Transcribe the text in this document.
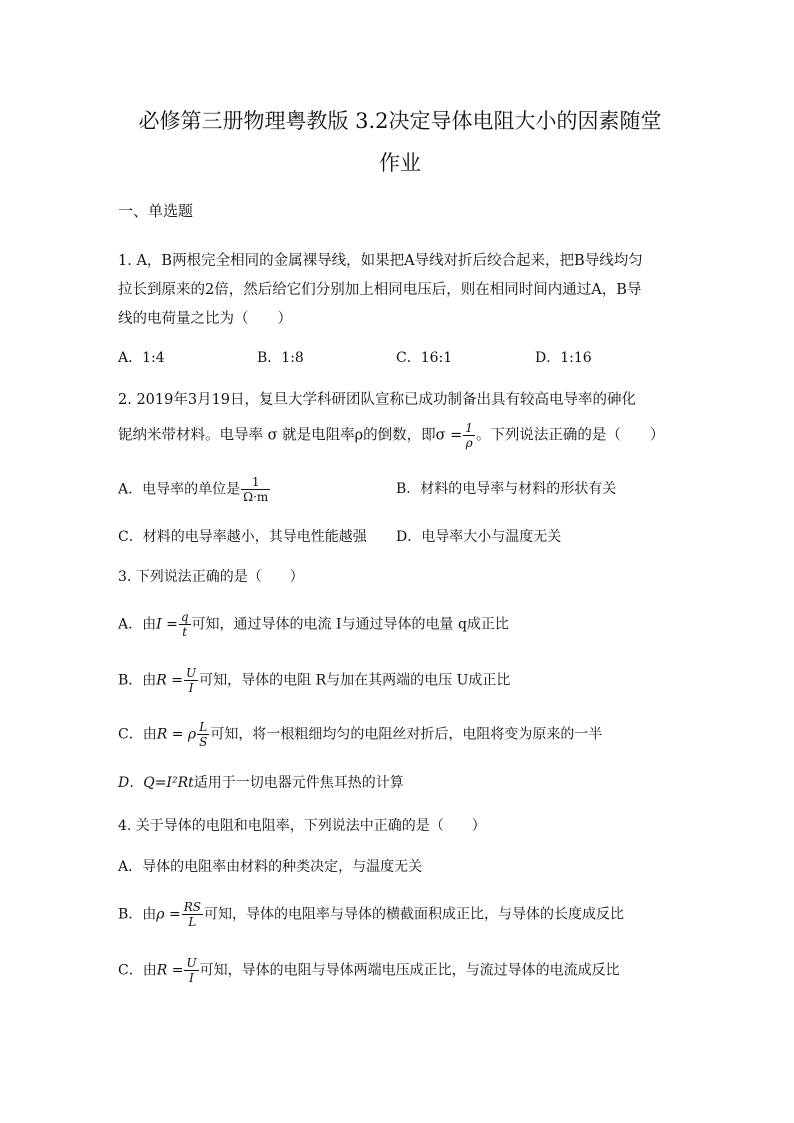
必修第三册物理粤教版 3.2决定导体电阻大小的因素随堂
作业
一、单选题
1. A，B两根完全相同的金属裸导线，如果把A导线对折后绞合起来，把B导线均匀
拉长到原来的2倍，然后给它们分别加上相同电压后，则在相同时间内通过A，B导
线的电荷量之比为（　　）
A．1:4	B．1:8	C．16:1	D．1:16
2. 2019年3月19日，复旦大学科研团队宣称已成功制备出具有较高电导率的砷化
铌纳米带材料。电导率 σ 就是电阻率ρ的倒数，即$\sigma = \frac{1}{\rho}$ 。下列说法正确的是（　　）
A．电导率的单位是 $\frac{1}{\Omega\cdot m}$	B．材料的电导率与材料的形状有关
C．材料的电导率越小，其导电性能越强 D．电导率大小与温度无关
3. 下列说法正确的是（　　）
A．由$I = \frac{q}{t}$ 可知，通过导体的电流 I与通过导体的电量 q成正比
B．由$R = \frac{U}{I}$ 可知，导体的电阻 R与加在其两端的电压 U成正比
C．由R = ρ $\frac{L}{S}$ 可知，将一根粗细均匀的电阻丝对折后，电阻将变为原来的一半
D．Q=I²Rt适用于一切电器元件焦耳热的计算
4. 关于导体的电阻和电阻率，下列说法中正确的是（　　）
A．导体的电阻率由材料的种类决定，与温度无关
B．由$\rho = \frac{RS}{L}$ 可知，导体的电阻率与导体的横截面积成正比，与导体的长度成反比
C．由$R = \frac{U}{I}$ 可知，导体的电阻与导体两端电压成正比，与流过导体的电流成反比
